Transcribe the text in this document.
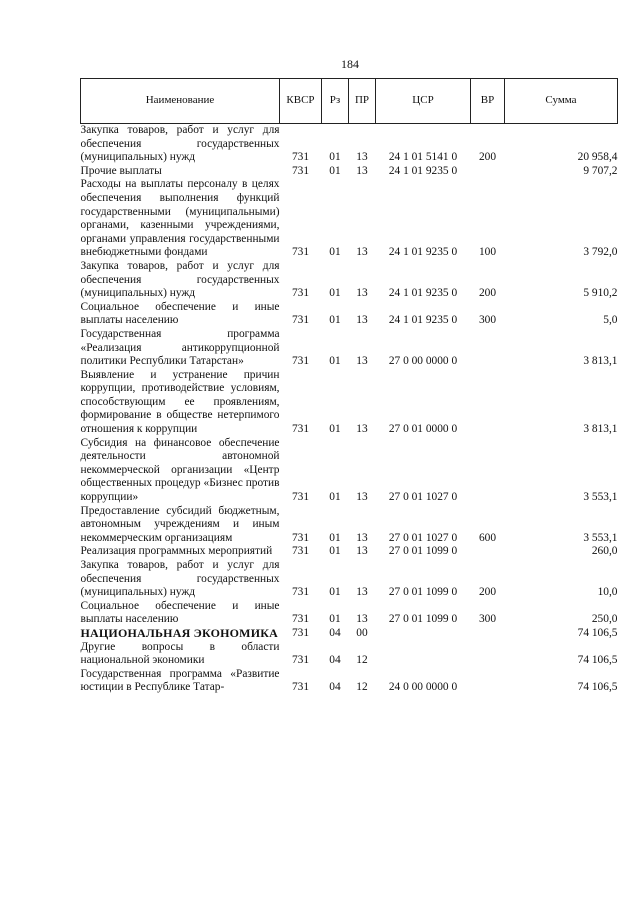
184
Наименование	КВСР	Рз	ПР	ЦСР	ВР	Сумма
Закупка товаров, работ и услуг для обеспечения государственных (муниципальных) нужд	731	01	13	24 1 01 5141 0	200	20 958,4
Прочие выплаты	731	01	13	24 1 01 9235 0		9 707,2
Расходы на выплаты персоналу в целях обеспечения выполнения функций государственными (муниципальными) органами, казенными учреждениями, органами управления государственными внебюджетными фондами	731	01	13	24 1 01 9235 0	100	3 792,0
Закупка товаров, работ и услуг для обеспечения государственных (муниципальных) нужд	731	01	13	24 1 01 9235 0	200	5 910,2
Социальное обеспечение и иные выплаты населению	731	01	13	24 1 01 9235 0	300	5,0
Государственная программа «Реализация антикоррупционной политики Республики Татарстан»	731	01	13	27 0 00 0000 0		3 813,1
Выявление и устранение причин коррупции, противодействие условиям, способствующим ее проявлениям, формирование в обществе нетерпимого отношения к коррупции	731	01	13	27 0 01 0000 0		3 813,1
Субсидия на финансовое обеспечение деятельности автономной некоммерческой организации «Центр общественных процедур «Бизнес против коррупции»	731	01	13	27 0 01 1027 0		3 553,1
Предоставление субсидий бюджетным, автономным учреждениям и иным некоммерческим организациям	731	01	13	27 0 01 1027 0	600	3 553,1
Реализация программных мероприятий	731	01	13	27 0 01 1099 0		260,0
Закупка товаров, работ и услуг для обеспечения государственных (муниципальных) нужд	731	01	13	27 0 01 1099 0	200	10,0
Социальное обеспечение и иные выплаты населению	731	01	13	27 0 01 1099 0	300	250,0
НАЦИОНАЛЬНАЯ ЭКОНОМИКА	731	04	00			74 106,5
Другие вопросы в области национальной экономики	731	04	12			74 106,5
Государственная программа «Развитие юстиции в Республике Татар-	731	04	12	24 0 00 0000 0		74 106,5
